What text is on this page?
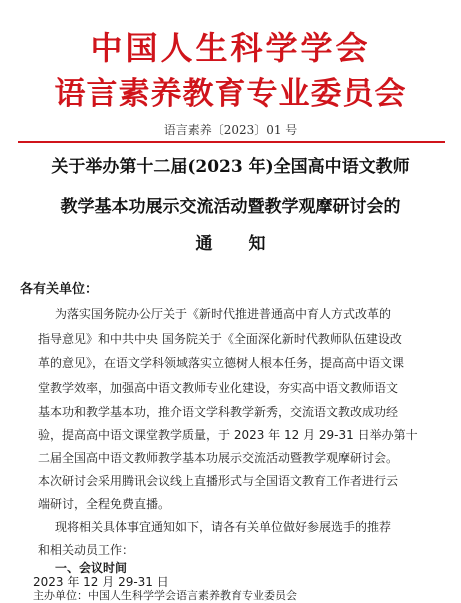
中国人生科学学会
语言素养教育专业委员会
语言素养〔2023〕01 号
关于举办第十二届(2023 年)全国高中语文教师
教学基本功展示交流活动暨教学观摩研讨会的
通知
各有关单位：
为落实国务院办公厅关于《新时代推进普通高中育人方式改革的
指导意见》和中共中央 国务院关于《全面深化新时代教师队伍建设改
革的意见》，在语文学科领域落实立德树人根本任务，提高高中语文课
堂教学效率，加强高中语文教师专业化建设，夯实高中语文教师语文
基本功和教学基本功，推介语文学科教学新秀，交流语文教改成功经
验，提高高中语文课堂教学质量，于 2023 年 12 月 29-31 日举办第十
二届全国高中语文教师教学基本功展示交流活动暨教学观摩研讨会。
本次研讨会采用腾讯会议线上直播形式与全国语文教育工作者进行云
端研讨，全程免费直播。
现将相关具体事宜通知如下，请各有关单位做好参展选手的推荐
和相关动员工作：
一、会议时间
2023 年 12 月 29-31 日
主办单位：中国人生科学学会语言素养教育专业委员会
